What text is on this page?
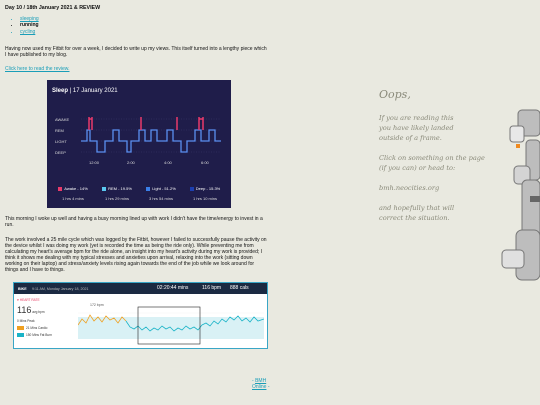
Day 10 / 18th January 2021 & REVIEW
• sleeping
• running
• cycling
Having now used my Fitbit for over a week, I decided to write up my views. This itself turned into a lengthy piece which I have published to my blog.
Click here to read the review.
Sleep | 17 January 2021
AWAKE
REM
LIGHT
DEEP
12:00	2:00	4:00	6:00
Awake - 14%
1 hrs 4 mins
REM - 19.5%
1 hrs 29 mins
Light - 51.2%
3 hrs 54 mins
Deep - 15.3%
1 hrs 10 mins
This morning I woke up well and having a busy morning lined up with work I didn't have the time/energy to invest in a run.
The work involved a 25 mile cycle which was logged by the Fitbit, however I failed to successfully pause the activity on the device whilst I was doing my work (yet is recorded the time as being the ride only). While preventing me from calculating my heart's average bpm for the ride alone, an insight into my heart's activity during my work is provided; I think it shows me dealing with my typical stresses and anxieties upon arrival, relaxing into the work (sitting down working on their laptop) and stress/anxiety levels rising again towards the end of the job while we look around for things and I have to things.
BIKE 9:11 AM, Monday January 18, 2021	02:20:44 mins	116 bpm 888 cals
♥ HEART RATE
116 avg bpm
0 Mins Peak
21 Mins Cardio
150 Mins Fat Burn
172 bpm
- BMH Online -
Oops,
If you are reading this
you have likely landed
outside of a frame.
Click on something on the page
(if you can) or head to:
bmh.neocities.org
and hopefully that will
correct the situation.
